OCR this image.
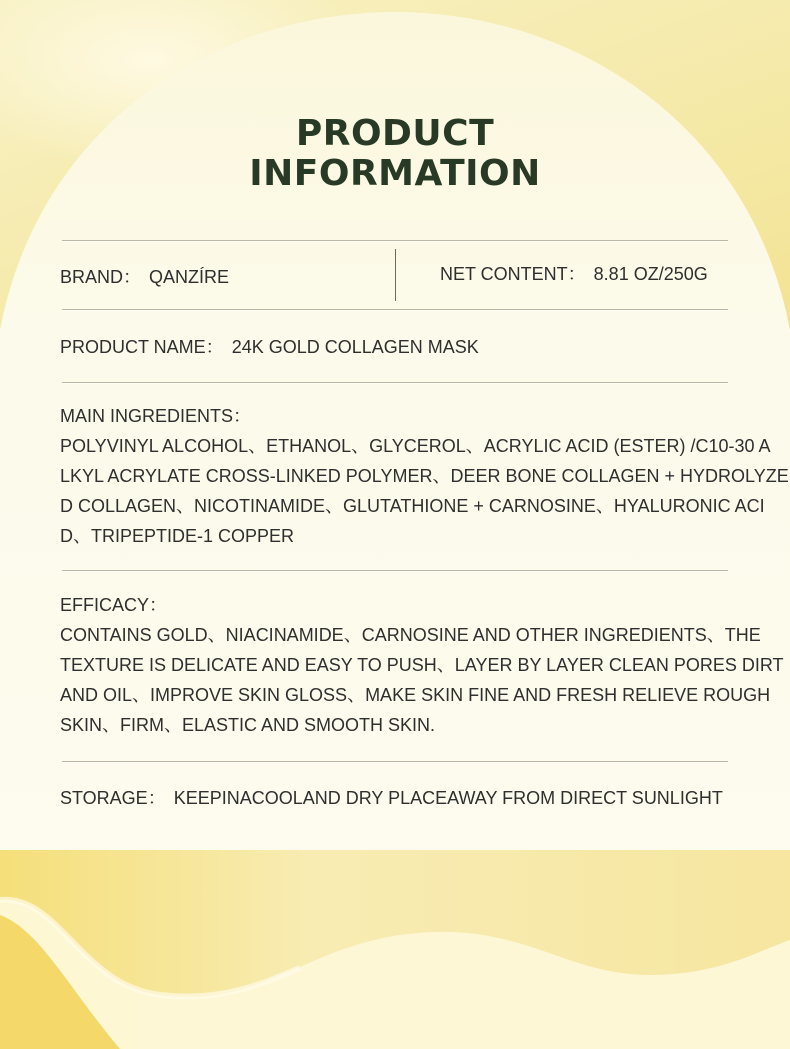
PRODUCT
INFORMATION
BRAND： QANZÍRE	NET CONTENT： 8.81 OZ/250G
PRODUCT NAME： 24K GOLD COLLAGEN MASK
MAIN INGREDIENTS：
POLYVINYL ALCOHOL、ETHANOL、GLYCEROL、ACRYLIC ACID (ESTER) /C10-30 A
LKYL ACRYLATE CROSS-LINKED POLYMER、DEER BONE COLLAGEN + HYDROLYZE
D COLLAGEN、NICOTINAMIDE、GLUTATHIONE + CARNOSINE、HYALURONIC ACI
D、TRIPEPTIDE-1 COPPER
EFFICACY：
CONTAINS GOLD、NIACINAMIDE、CARNOSINE AND OTHER INGREDIENTS、THE
TEXTURE IS DELICATE AND EASY TO PUSH、LAYER BY LAYER CLEAN PORES DIRT
AND OIL、IMPROVE SKIN GLOSS、MAKE SKIN FINE AND FRESH RELIEVE ROUGH
SKIN、FIRM、ELASTIC AND SMOOTH SKIN.
STORAGE： KEEPINACOOLAND DRY PLACEAWAY FROM DIRECT SUNLIGHT
